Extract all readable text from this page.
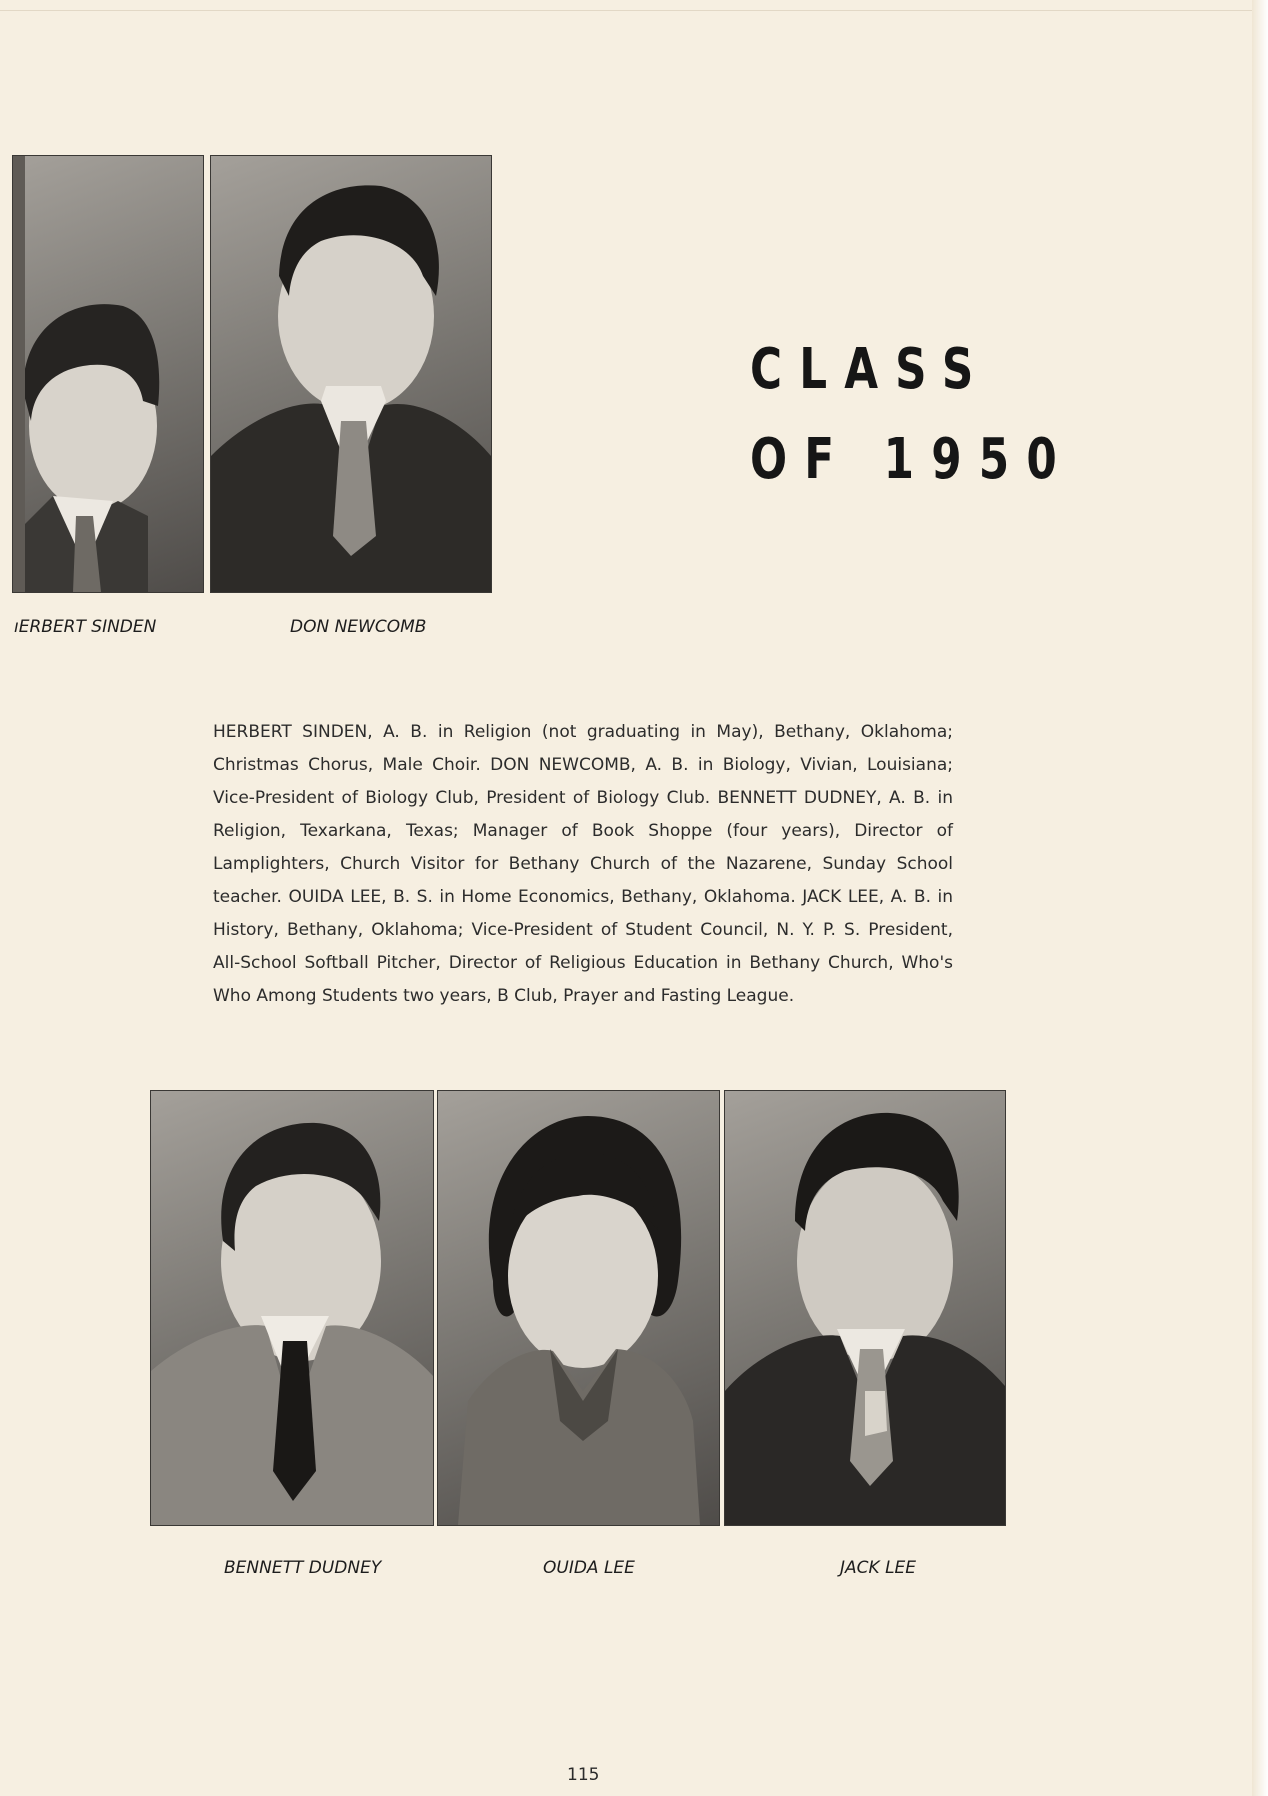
CLASS
OF 1950
ıERBERT SINDEN	DON NEWCOMB
HERBERT SINDEN, A. B. in Religion (not graduating in May), Bethany, Oklahoma; Christmas Chorus, Male Choir. DON NEWCOMB, A. B. in Biology, Vivian, Louisiana; Vice-President of Biology Club, President of Biology Club. BENNETT DUDNEY, A. B. in Religion, Texarkana, Texas; Manager of Book Shoppe (four years), Director of Lamplighters, Church Visitor for Bethany Church of the Nazarene, Sunday School teacher. OUIDA LEE, B. S. in Home Economics, Bethany, Oklahoma. JACK LEE, A. B. in History, Bethany, Oklahoma; Vice-President of Student Council, N. Y. P. S. President, All-School Softball Pitcher, Director of Religious Education in Bethany Church, Who's Who Among Students two years, B Club, Prayer and Fasting League.
BENNETT DUDNEY	OUIDA LEE	JACK LEE
115
